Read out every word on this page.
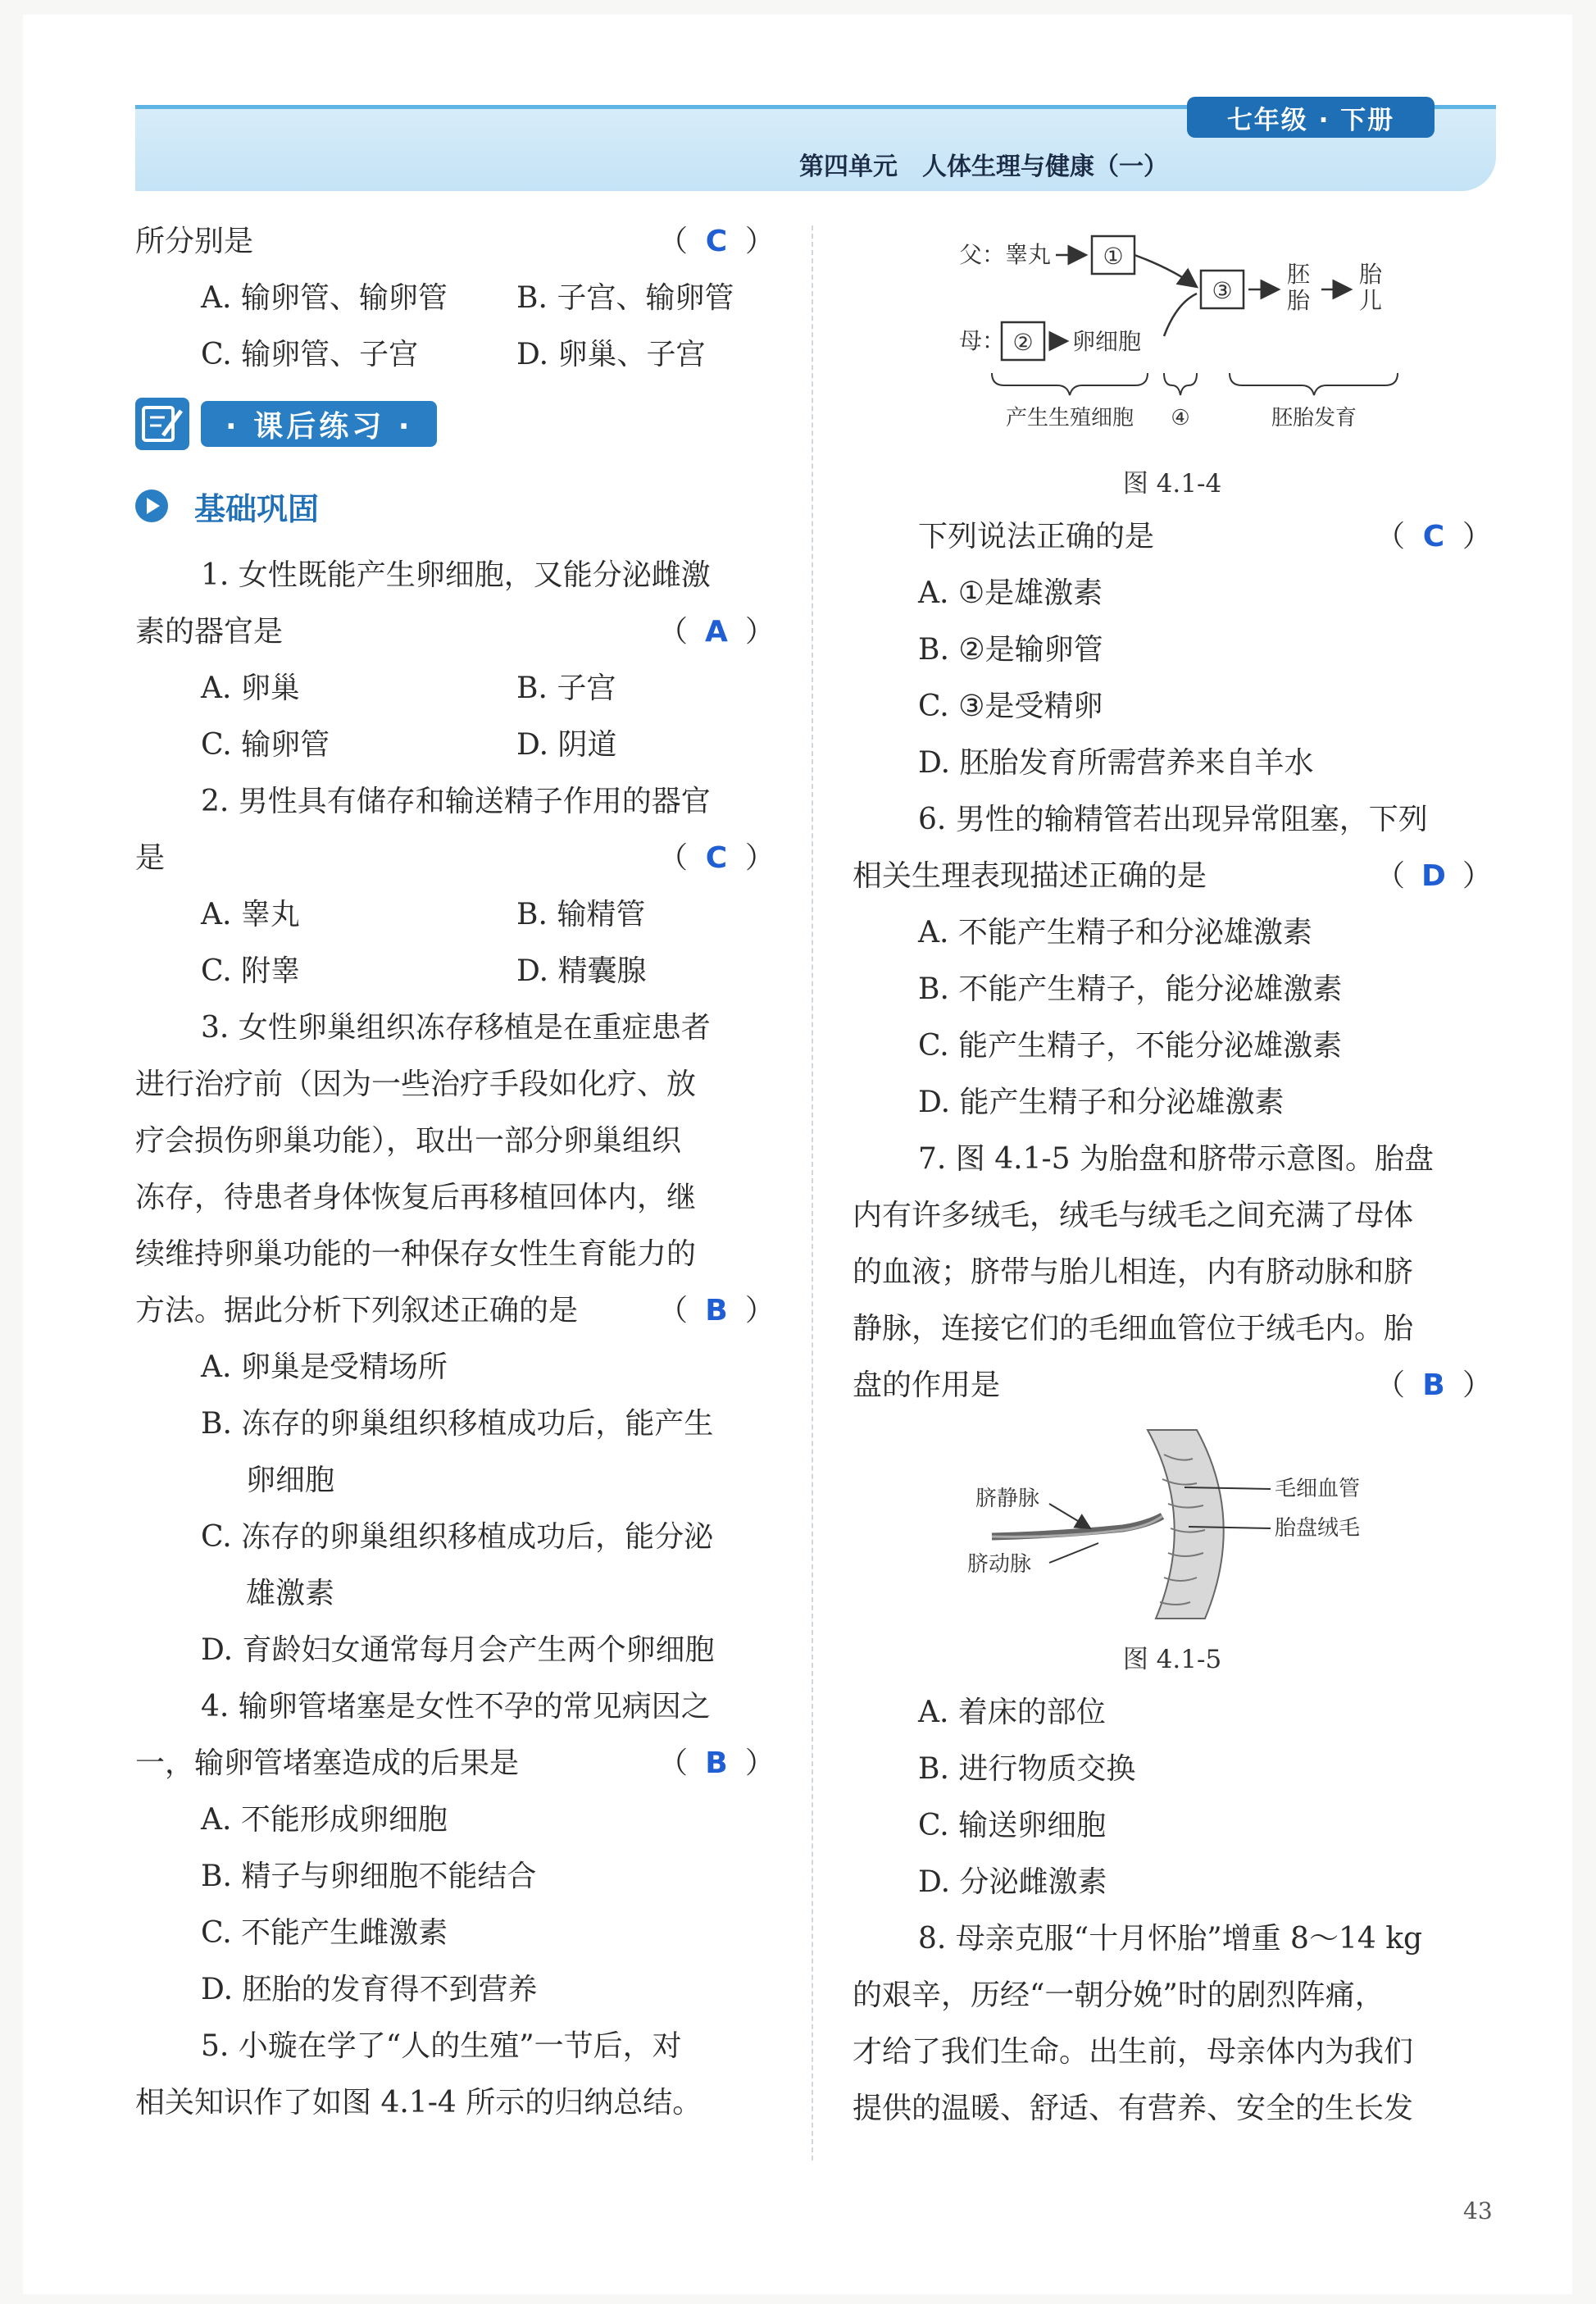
七年级 · 下册
第四单元　人体生理与健康（一）
所分别是	（ C ）
A. 输卵管、输卵管 B. 子宫、输卵管
C. 输卵管、子宫	D. 卵巢、子宫
· 课后练习 ·
基础巩固
1. 女性既能产生卵细胞，又能分泌雌激
素的器官是	（ A ）
A. 卵巢	B. 子宫
C. 输卵管	D. 阴道
2. 男性具有储存和输送精子作用的器官
是	（ C ）
A. 睾丸	B. 输精管
C. 附睾	D. 精囊腺
3. 女性卵巢组织冻存移植是在重症患者
进行治疗前（因为一些治疗手段如化疗、放
疗会损伤卵巢功能），取出一部分卵巢组织
冻存，待患者身体恢复后再移植回体内，继
续维持卵巢功能的一种保存女性生育能力的
方法。据此分析下列叙述正确的是	（ B ）
A. 卵巢是受精场所
B. 冻存的卵巢组织移植成功后，能产生
卵细胞
C. 冻存的卵巢组织移植成功后，能分泌
雄激素
D. 育龄妇女通常每月会产生两个卵细胞
4. 输卵管堵塞是女性不孕的常见病因之
一，输卵管堵塞造成的后果是	（ B ）
A. 不能形成卵细胞
B. 精子与卵细胞不能结合
C. 不能产生雌激素
D. 胚胎的发育得不到营养
5. 小璇在学了“人的生殖”一节后，对
相关知识作了如图 4.1-4 所示的归纳总结。
父：睾丸 ①
母： ② 卵细胞
③
胚
胎
胎
儿
产生生殖细胞 ④	胚胎发育
图 4.1-4
下列说法正确的是	（ C ）
A. ①是雄激素
B. ②是输卵管
C. ③是受精卵
D. 胚胎发育所需营养来自羊水
6. 男性的输精管若出现异常阻塞，下列
相关生理表现描述正确的是	（ D ）
A. 不能产生精子和分泌雄激素
B. 不能产生精子，能分泌雄激素
C. 能产生精子，不能分泌雄激素
D. 能产生精子和分泌雄激素
7. 图 4.1-5 为胎盘和脐带示意图。胎盘
内有许多绒毛，绒毛与绒毛之间充满了母体
的血液；脐带与胎儿相连，内有脐动脉和脐
静脉，连接它们的毛细血管位于绒毛内。胎
盘的作用是	（ B ）
脐静脉
脐动脉
毛细血管
胎盘绒毛
图 4.1-5
A. 着床的部位
B. 进行物质交换
C. 输送卵细胞
D. 分泌雌激素
8. 母亲克服“十月怀胎”增重 8～14 kg
的艰辛，历经“一朝分娩”时的剧烈阵痛，
才给了我们生命。出生前，母亲体内为我们
提供的温暖、舒适、有营养、安全的生长发
43
